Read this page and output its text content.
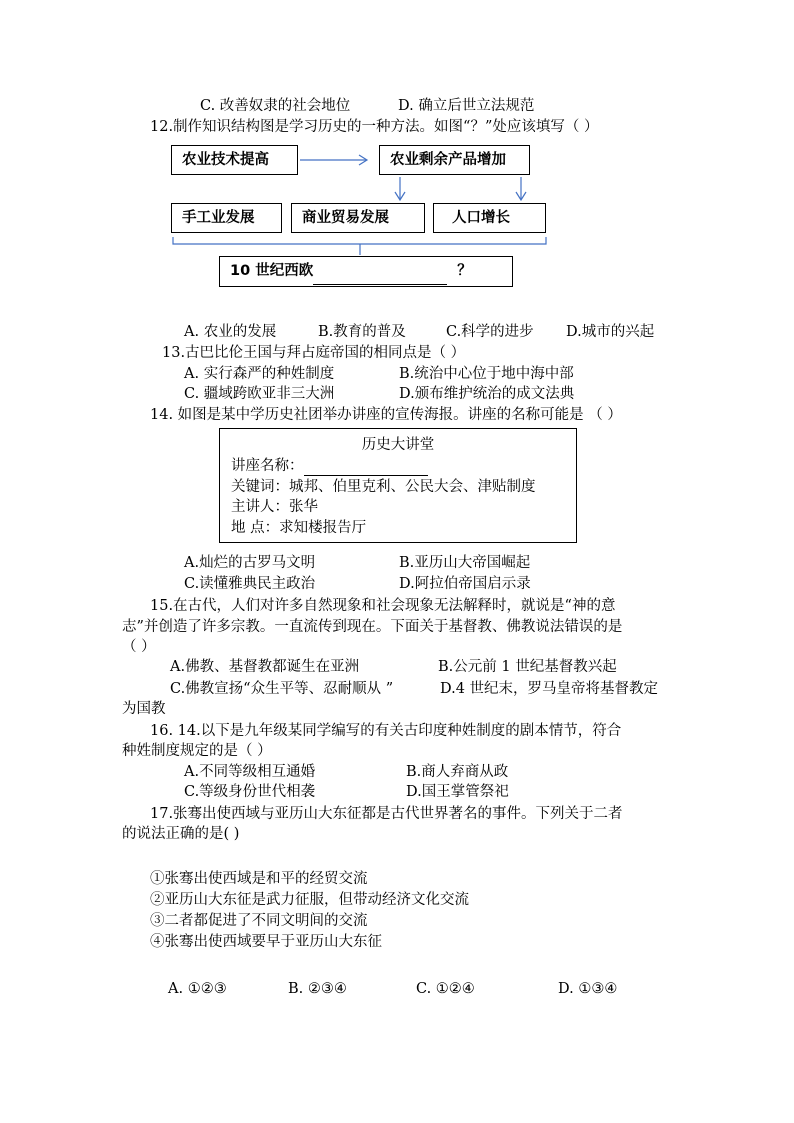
C. 改善奴隶的社会地位	D. 确立后世立法规范
12.制作知识结构图是学习历史的一种方法。如图“？”处应该填写（ ）
农业技术提高	农业剩余产品增加
手工业发展	商业贸易发展	人口增长
10 世纪西欧	？
A. 农业的发展	B.教育的普及	C.科学的进步 D.城市的兴起
13.古巴比伦王国与拜占庭帝国的相同点是（ ）
A. 实行森严的种姓制度	B.统治中心位于地中海中部
C. 疆域跨欧亚非三大洲	D.颁布维护统治的成文法典
14. 如图是某中学历史社团举办讲座的宣传海报。讲座的名称可能是 （ ）
历史大讲堂
讲座名称：
关键词：城邦、伯里克利、公民大会、津贴制度
主讲人：张华
地 点：求知楼报告厅
A.灿烂的古罗马文明	B.亚历山大帝国崛起
C.读懂雅典民主政治	D.阿拉伯帝国启示录
15.在古代，人们对许多自然现象和社会现象无法解释时，就说是“神的意
志”并创造了许多宗教。一直流传到现在。下面关于基督教、佛教说法错误的是
（ ）
A.佛教、基督教都诞生在亚洲	B.公元前 1 世纪基督教兴起
C.佛教宣扬“众生平等、忍耐顺从 ”	D.4 世纪末，罗马皇帝将基督教定
为国教
16. 14.以下是九年级某同学编写的有关古印度种姓制度的剧本情节，符合
种姓制度规定的是（ ）
A.不同等级相互通婚	B.商人弃商从政
C.等级身份世代相袭	D.国王掌管祭祀
17.张骞出使西域与亚历山大东征都是古代世界著名的事件。下列关于二者
的说法正确的是( )
①张骞出使西域是和平的经贸交流
②亚历山大东征是武力征服，但带动经济文化交流
③二者都促进了不同文明间的交流
④张骞出使西域要早于亚历山大东征
A. ①②③	B. ②③④	C. ①②④	D. ①③④
